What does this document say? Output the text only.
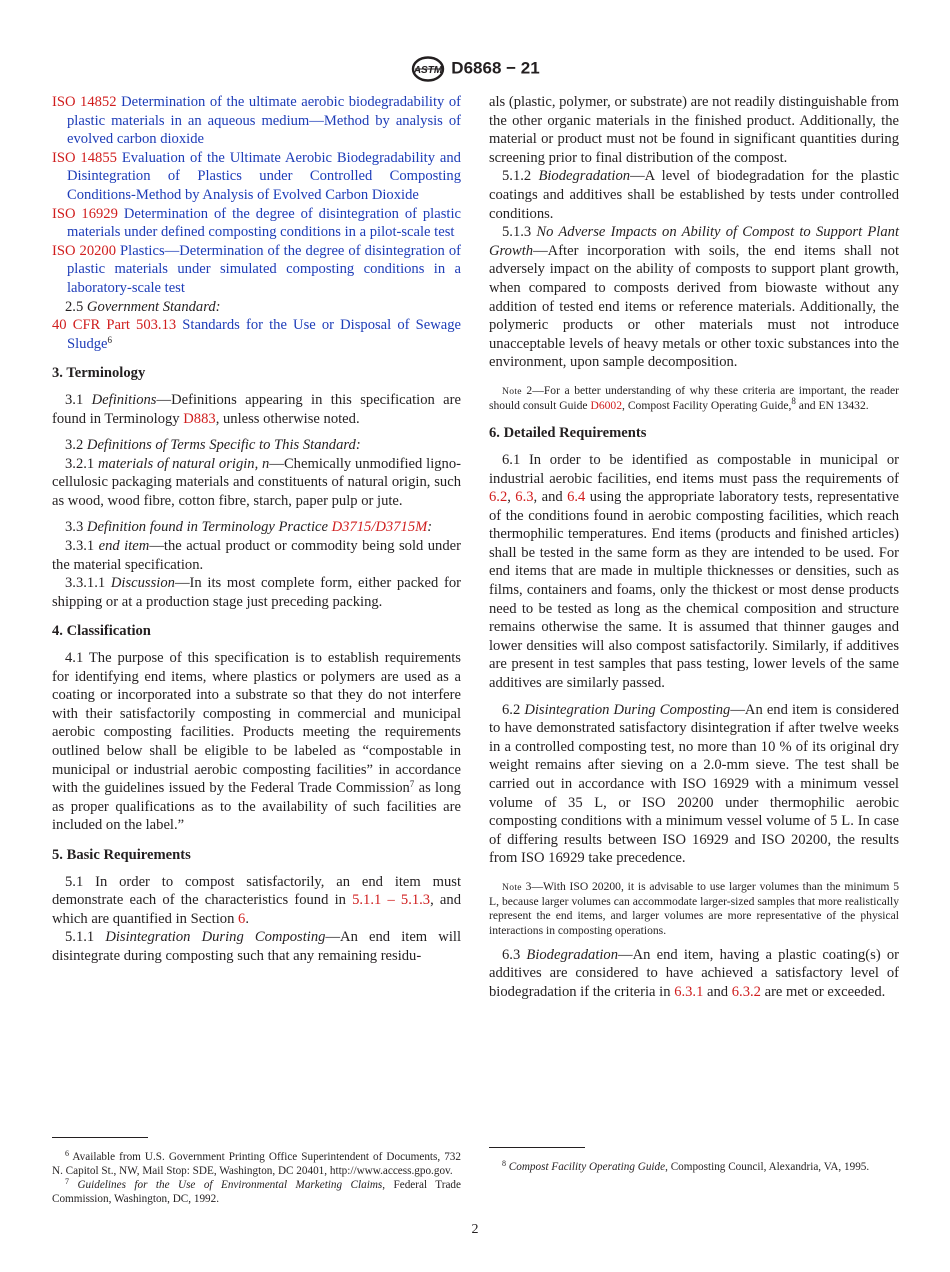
ASTM D6868 − 21

ISO 14852 Determination of the ultimate aerobic biodegradability of plastic materials in an aqueous medium—Method by analysis of evolved carbon dioxide

ISO 14855 Evaluation of the Ultimate Aerobic Biodegradability and Disintegration of Plastics under Controlled Composting Conditions-Method by Analysis of Evolved Carbon Dioxide

ISO 16929 Determination of the degree of disintegration of plastic materials under defined composting conditions in a pilot-scale test

ISO 20200 Plastics—Determination of the degree of disintegration of plastic materials under simulated composting conditions in a laboratory-scale test

2.5 Government Standard:

40 CFR Part 503.13 Standards for the Use or Disposal of Sewage Sludge$^6$

3. Terminology

3.1 Definitions—Definitions appearing in this specification are found in Terminology D883, unless otherwise noted.

3.2 Definitions of Terms Specific to This Standard:

3.2.1 materials of natural origin, n—Chemically unmodified ligno-cellulosic packaging materials and constituents of natural origin, such as wood, wood fibre, cotton fibre, starch, paper pulp or jute.

3.3 Definition found in Terminology Practice D3715/D3715M:

3.3.1 end item—the actual product or commodity being sold under the material specification.

3.3.1.1 Discussion—In its most complete form, either packed for shipping or at a production stage just preceding packing.

4. Classification

4.1 The purpose of this specification is to establish requirements for identifying end items, where plastics or polymers are used as a coating or incorporated into a substrate so that they do not interfere with their satisfactorily composting in commercial and municipal aerobic composting facilities. Products meeting the requirements outlined below shall be eligible to be labeled as “compostable in municipal or industrial aerobic composting facilities” in accordance with the guidelines issued by the Federal Trade Commission$^7$ as long as proper qualifications as to the availability of such facilities are included on the label.”

5. Basic Requirements

5.1 In order to compost satisfactorily, an end item must demonstrate each of the characteristics found in 5.1.1 – 5.1.3, and which are quantified in Section 6.

5.1.1 Disintegration During Composting—An end item will disintegrate during composting such that any remaining residu-

$^6$ Available from U.S. Government Printing Office Superintendent of Documents, 732 N. Capitol St., NW, Mail Stop: SDE, Washington, DC 20401, http://www.access.gpo.gov.

$^7$ Guidelines for the Use of Environmental Marketing Claims, Federal Trade Commission, Washington, DC, 1992.

als (plastic, polymer, or substrate) are not readily distinguishable from the other organic materials in the finished product. Additionally, the material or product must not be found in significant quantities during screening prior to final distribution of the compost.

5.1.2 Biodegradation—A level of biodegradation for the plastic coatings and additives shall be established by tests under controlled conditions.

5.1.3 No Adverse Impacts on Ability of Compost to Support Plant Growth—After incorporation with soils, the end items shall not adversely impact on the ability of composts to support plant growth, when compared to composts derived from biowaste without any addition of tested end items or reference materials. Additionally, the polymeric products or other materials must not introduce unacceptable levels of heavy metals or other toxic substances into the environment, upon sample decomposition.

Note 2—For a better understanding of why these criteria are important, the reader should consult Guide D6002, Compost Facility Operating Guide,$^8$ and EN 13432.

6. Detailed Requirements

6.1 In order to be identified as compostable in municipal or industrial aerobic facilities, end items must pass the requirements of 6.2, 6.3, and 6.4 using the appropriate laboratory tests, representative of the conditions found in aerobic composting facilities, which reach thermophilic temperatures. End items (products and finished articles) shall be tested in the same form as they are intended to be used. For end items that are made in multiple thicknesses or densities, such as films, containers and foams, only the thickest or most dense products need to be tested as long as the chemical composition and structure remains otherwise the same. It is assumed that thinner gauges and lower densities will also compost satisfactorily. Similarly, if additives are present in test samples that pass testing, lower levels of the same additives are similarly passed.

6.2 Disintegration During Composting—An end item is considered to have demonstrated satisfactory disintegration if after twelve weeks in a controlled composting test, no more than 10 % of its original dry weight remains after sieving on a 2.0-mm sieve. The test shall be carried out in accordance with ISO 16929 with a minimum vessel volume of 35 L, or ISO 20200 under thermophilic aerobic composting conditions with a minimum vessel volume of 5 L. In case of differing results between ISO 16929 and ISO 20200, the results from ISO 16929 take precedence.

Note 3—With ISO 20200, it is advisable to use larger volumes than the minimum 5 L, because larger volumes can accommodate larger-sized samples that more realistically represent the end items, and larger volumes are more representative of the physical interactions in composting operations.

6.3 Biodegradation—An end item, having a plastic coating(s) or additives are considered to have achieved a satisfactory level of biodegradation if the criteria in 6.3.1 and 6.3.2 are met or exceeded.

$^8$ Compost Facility Operating Guide, Composting Council, Alexandria, VA, 1995.

2
